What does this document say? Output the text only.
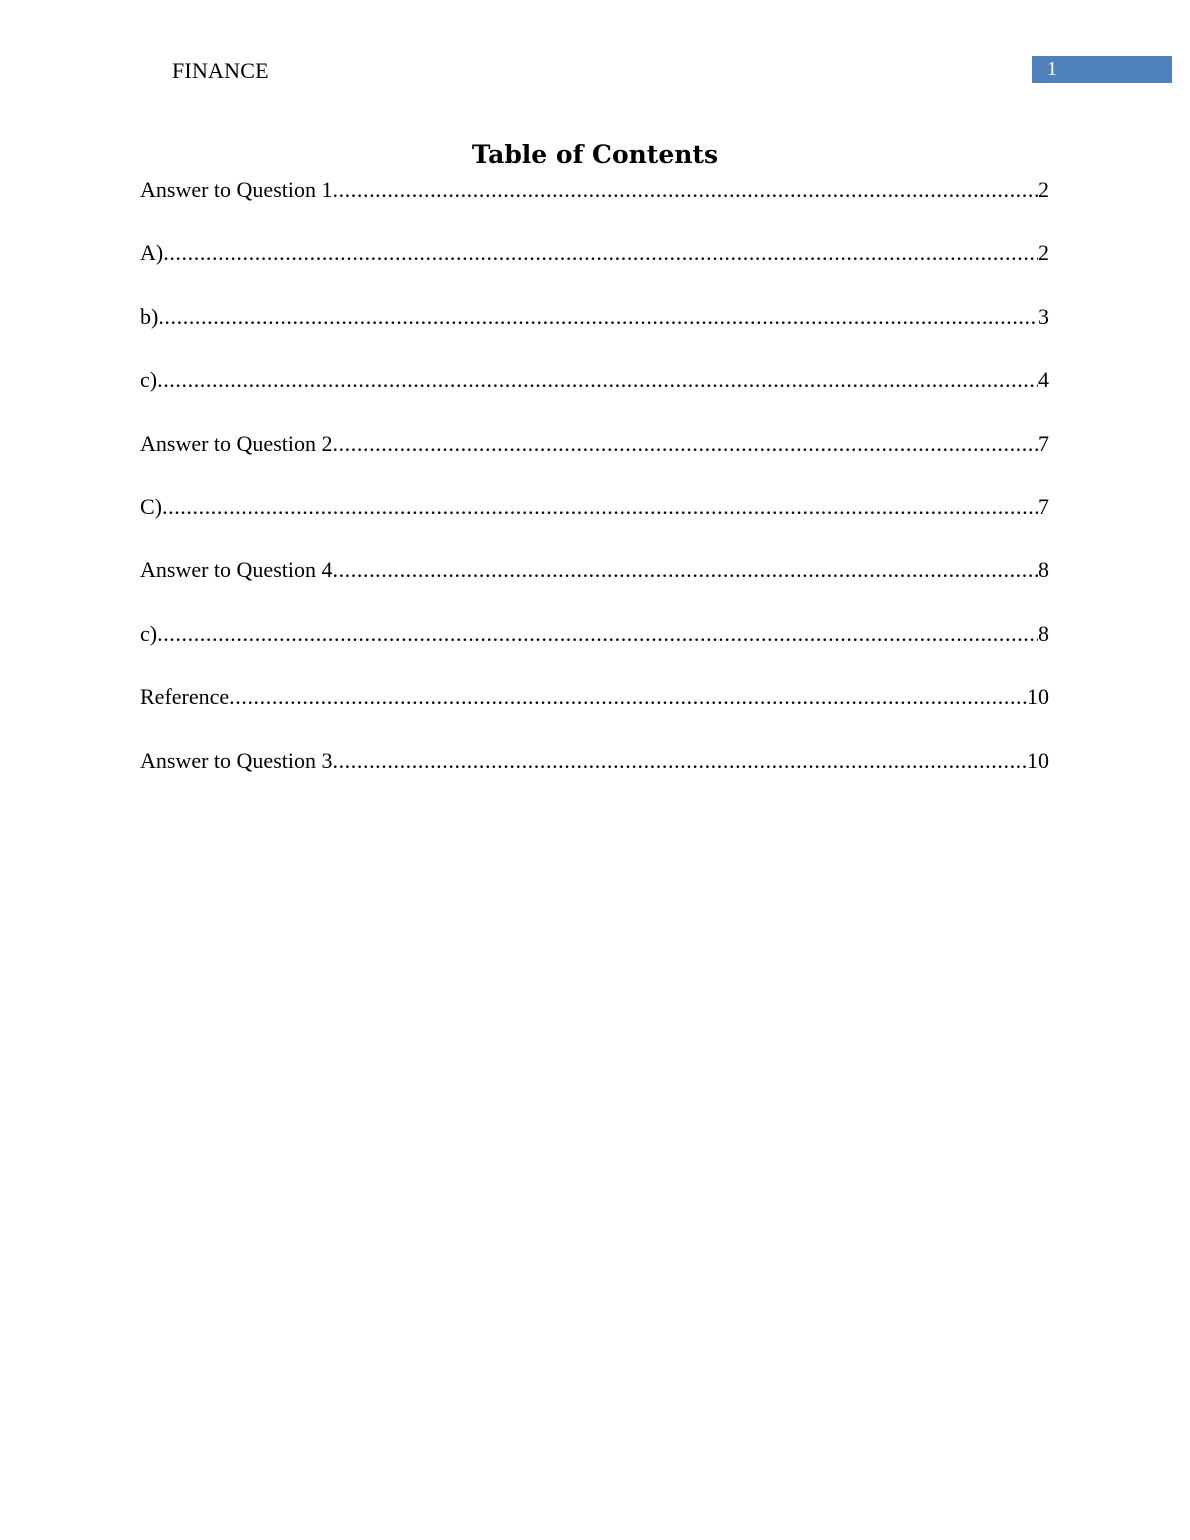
FINANCE	1
Table of Contents
Answer to Question 1 .....	2
A) .....	2
b) .....	3
c) .....	4
Answer to Question 2 .....	7
C) .....	7
Answer to Question 4 .....	8
c) .....	8
Reference .....	10
Answer to Question 3 .....	10
